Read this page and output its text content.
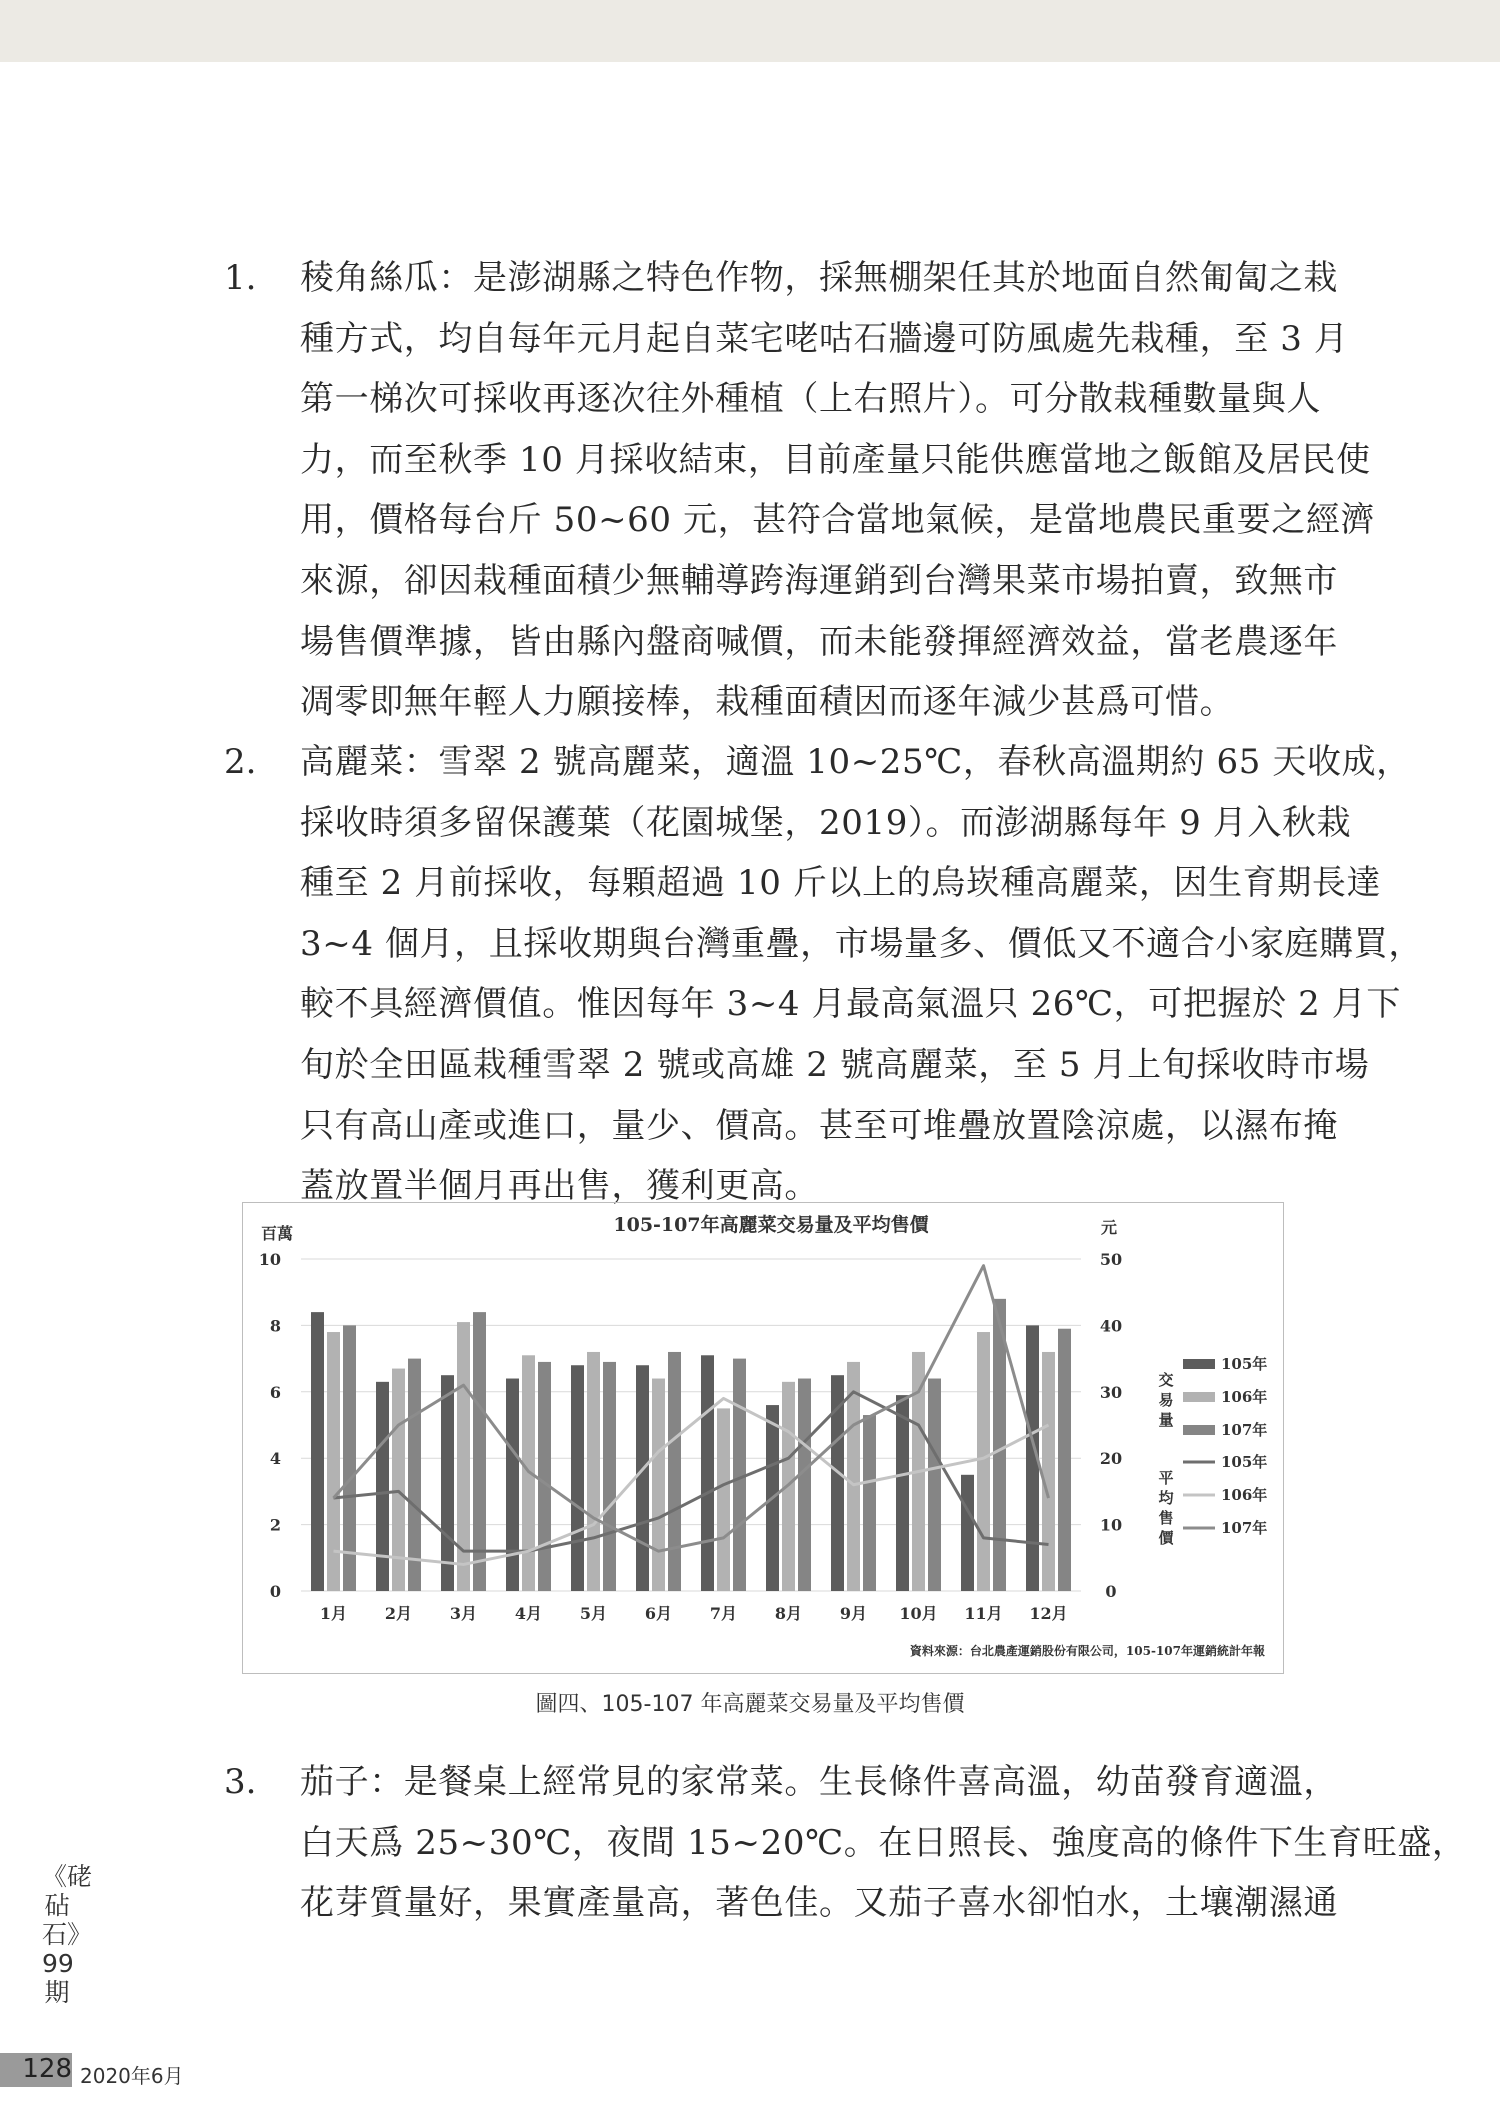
1. 稜角絲瓜：是澎湖縣之特色作物，採無棚架任其於地面自然匍匐之栽
種方式，均自每年元月起自菜宅咾咕石牆邊可防風處先栽種，至 3 月
第一梯次可採收再逐次往外種植（上右照片）。可分散栽種數量與人
力，而至秋季 10 月採收結束，目前產量只能供應當地之飯館及居民使
用，價格每台斤 50~60 元，甚符合當地氣候，是當地農民重要之經濟
來源，卻因栽種面積少無輔導跨海運銷到台灣果菜市場拍賣，致無市
場售價準據，皆由縣內盤商喊價，而未能發揮經濟效益，當老農逐年
凋零即無年輕人力願接棒，栽種面積因而逐年減少甚爲可惜。
2. 高麗菜：雪翠 2 號高麗菜，適溫 10~25℃，春秋高溫期約 65 天收成，
採收時須多留保護葉（花園城堡，2019）。而澎湖縣每年 9 月入秋栽
種至 2 月前採收，每顆超過 10 斤以上的烏崁種高麗菜，因生育期長達
3~4 個月，且採收期與台灣重疊，市場量多、價低又不適合小家庭購買，
較不具經濟價值。惟因每年 3~4 月最高氣溫只 26℃，可把握於 2 月下
旬於全田區栽種雪翠 2 號或高雄 2 號高麗菜，至 5 月上旬採收時市場
只有高山產或進口，量少、價高。甚至可堆疊放置陰涼處，以濕布掩
蓋放置半個月再出售，獲利更高。
105-107年高麗菜交易量及平均售價
百萬	元
0
2
4
6
8
10
0
10
20
30
40
50
1月 2月 3月 4月 5月 6月 7月 8月 9月 10月 11月 12月
交易量
平均售價
105年
106年
107年
105年
106年
107年
資料來源：台北農產運銷股份有限公司，105-107年運銷統計年報
圖四、105-107 年高麗菜交易量及平均售價
3. 茄子：是餐桌上經常見的家常菜。生長條件喜高溫，幼苗發育適溫，
白天爲 25~30℃，夜間 15~20℃。在日照長、強度高的條件下生育旺盛，
花芽質量好，果實產量高，著色佳。又茄子喜水卻怕水，土壤潮濕通
《硓砧石》99期
128 2020年6月
